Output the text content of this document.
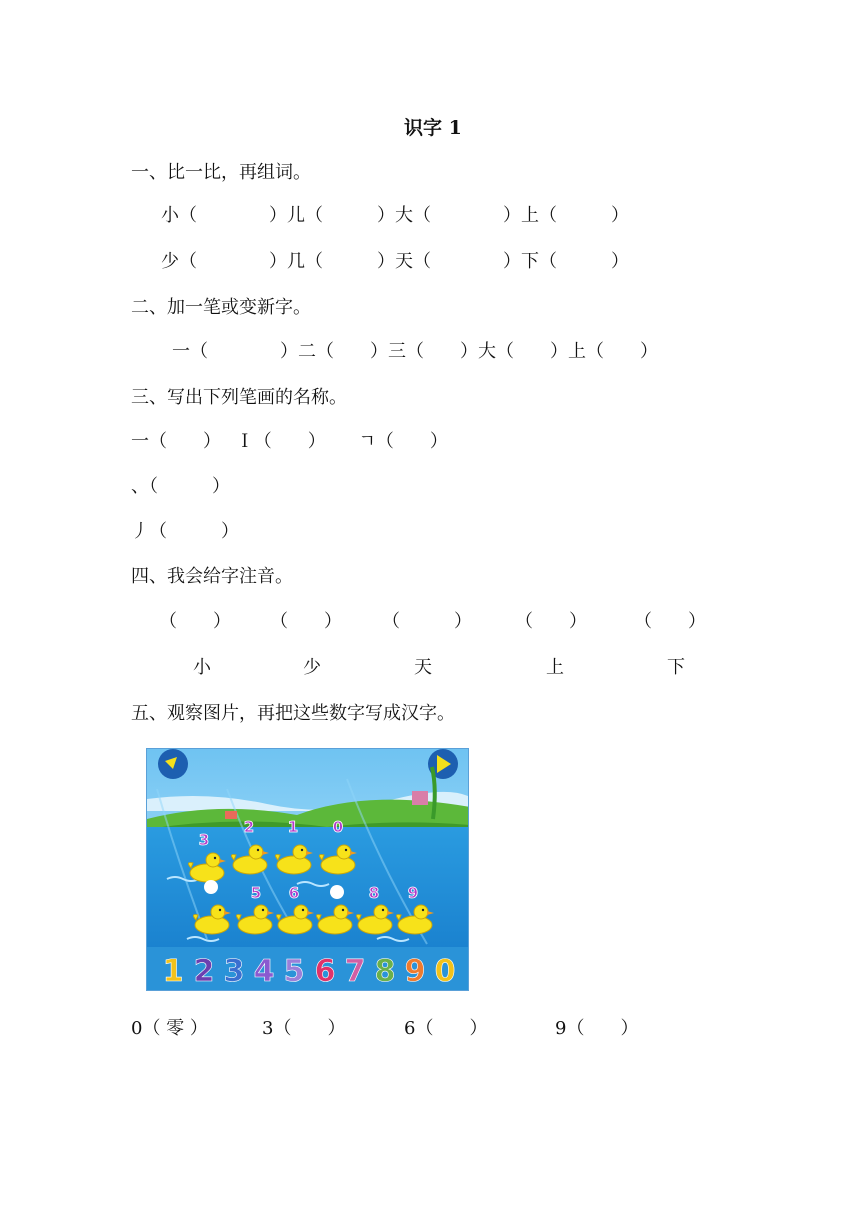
识字 1
一、比一比，再组词。
小（　　　　）儿（　　　）大（　　　　）上（　　　）
少（　　　　）几（　　　）天（　　　　）下（　　　）
二、加一笔或变新字。
一（　　　　）二（　　）三（　　）大（　　）上（　　）
三、写出下列笔画的名称。
一（　　）　 Ｉ（　　）　　 ㄱ（　　）
、（　　　）
丿（　　　）
四、我会给字注音。
（　　） （　　） （　　　） （　　）	（　　）
小	少	天	上	下
五、观察图片，再把这些数字写成汉字。
3
2 1 0
5 6	8 9
1 2 3 4 5 6 7 8 9 0
0（ 零 ）	3（　　）	6（　　）	9（　　）
